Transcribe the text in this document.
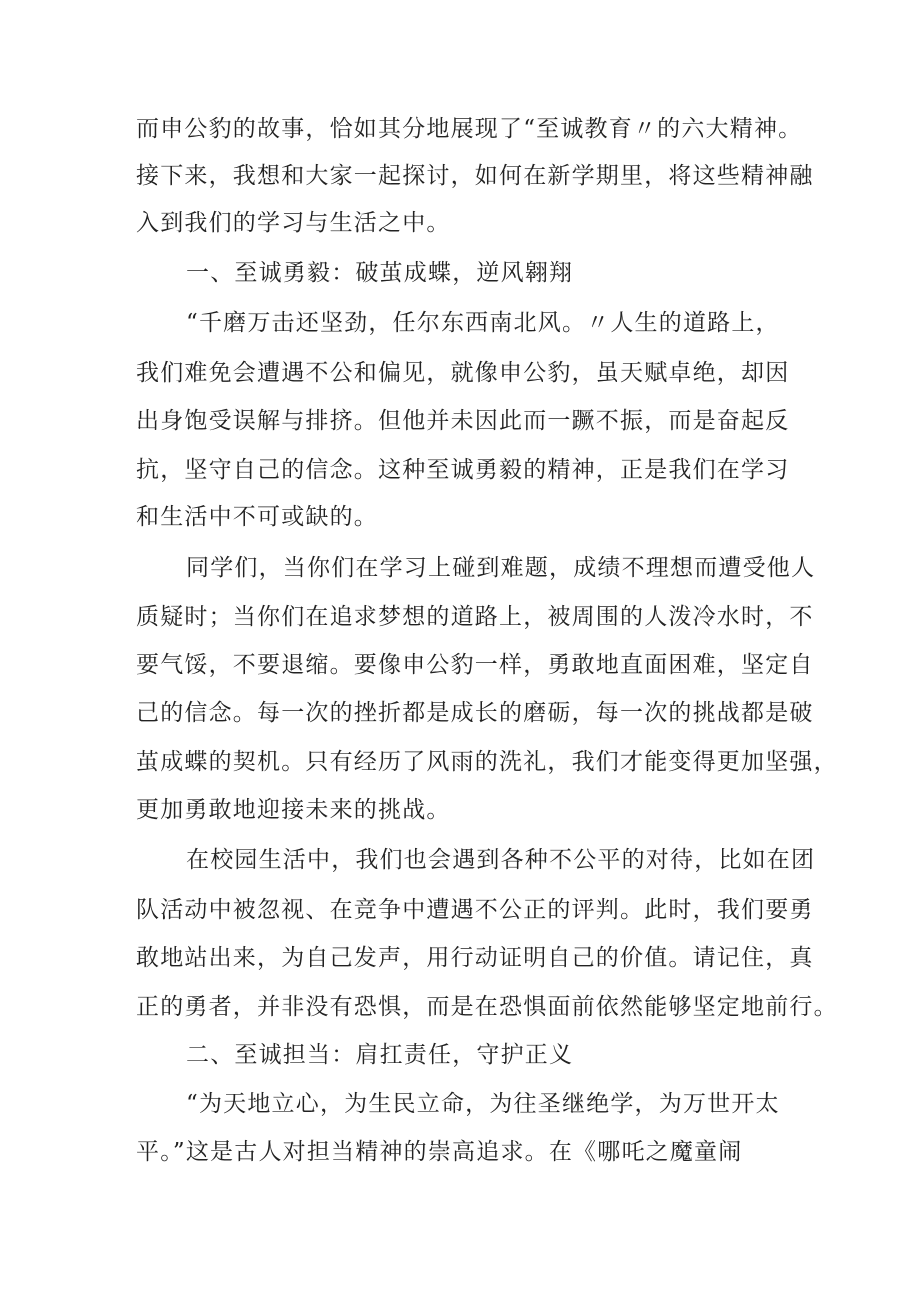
而申公豹的故事，恰如其分地展现了“至诚教育〃的六大精神。
接下来，我想和大家一起探讨，如何在新学期里，将这些精神融
入到我们的学习与生活之中。
一、至诚勇毅：破茧成蝶，逆风翱翔
“千磨万击还坚劲，任尔东西南北风。〃人生的道路上，
我们难免会遭遇不公和偏见，就像申公豹，虽天赋卓绝，却因
出身饱受误解与排挤。但他并未因此而一蹶不振，而是奋起反
抗，坚守自己的信念。这种至诚勇毅的精神，正是我们在学习
和生活中不可或缺的。
同学们，当你们在学习上碰到难题，成绩不理想而遭受他人
质疑时；当你们在追求梦想的道路上，被周围的人泼冷水时，不
要气馁，不要退缩。要像申公豹一样，勇敢地直面困难，坚定自
己的信念。每一次的挫折都是成长的磨砺，每一次的挑战都是破
茧成蝶的契机。只有经历了风雨的洗礼，我们才能变得更加坚强，
更加勇敢地迎接未来的挑战。
在校园生活中，我们也会遇到各种不公平的对待，比如在团
队活动中被忽视、在竞争中遭遇不公正的评判。此时，我们要勇
敢地站出来，为自己发声，用行动证明自己的价值。请记住，真
正的勇者，并非没有恐惧，而是在恐惧面前依然能够坚定地前行。
二、至诚担当：肩扛责任，守护正义
“为天地立心，为生民立命，为往圣继绝学，为万世开太
平。”这是古人对担当精神的崇高追求。在《哪吒之魔童闹
